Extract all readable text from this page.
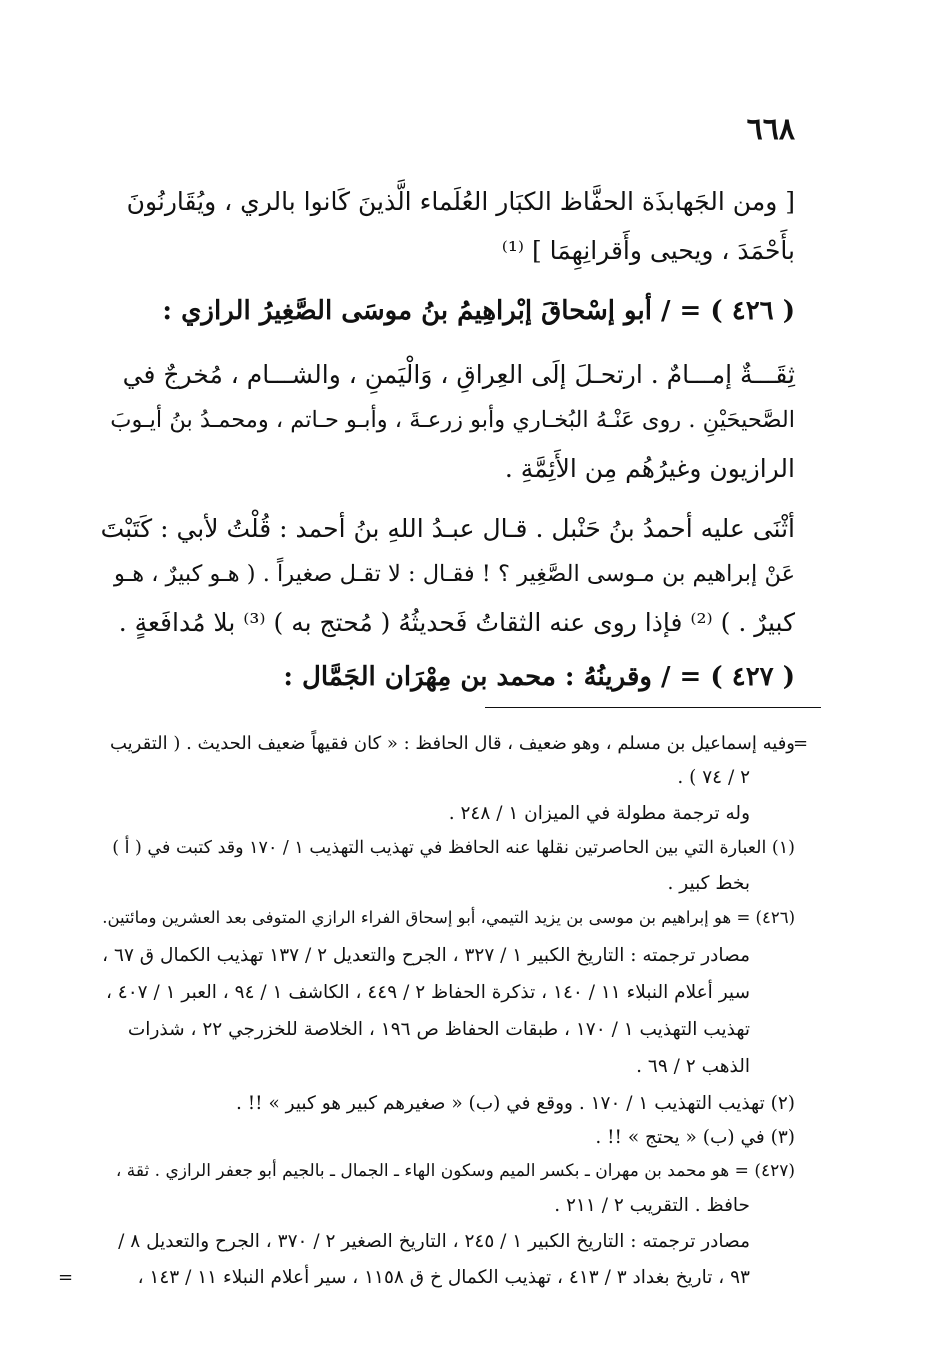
٦٦٨
[ ومن الجَهابذَة الحفَّاظ الكبَار العُلَماء الَّذينَ كَانوا بالري ، ويُقَارنُونَ
بأَحْمَدَ ، ويحيى وأَقرانِهِمَا ] ⁽¹⁾
( ٤٢٦ ) = / أبو إسْحاقَ إبْراهِيمُ بنُ موسَى الصَّغِيرُ الرازي :
ثِقَـــةٌ إمـــامٌ . ارتحـلَ إلَى العِراقِ ، وَالْيَمنِ ، والشـــام ، مُخرجٌ في
الصَّحيحَيْنِ . روى عَنْـهُ البُخـاري وأبو زرعـةَ ، وأبـو حـاتم ، ومحمـدُ بنُ أيـوبَ
الرازيون وغيرُهُم مِن الأَئِمَّةِ .
أثْنَى عليه أحمدُ بنُ حَنْبل . قـال عبـدُ اللهِ بنُ أحمد : قُلْتُ لأبي : كَتَبْتَ
عَنْ إبراهيم بن مـوسى الصَّغِير ؟ ! فقـال : لا تقـل صغيراً . ( هـو كبيرٌ ، هـو
كبيرٌ . ) ⁽²⁾ فإذا روى عنه الثقاتُ فَحديثُهُ ( مُحتج به ) ⁽³⁾ بلا مُدافَعةٍ .
( ٤٢٧ ) = / وقرينُهُ : محمد بن مِهْرَان الجَمَّال :
=
وفيه إسماعيل بن مسلم ، وهو ضعيف ، قال الحافظ : « كان فقيهاً ضعيف الحديث . ( التقريب
٢ / ٧٤ ) .
وله ترجمة مطولة في الميزان ١ / ٢٤٨ .
(١) العبارة التي بين الحاصرتين نقلها عنه الحافظ في تهذيب التهذيب ١ / ١٧٠ وقد كتبت في ( أ )
بخط كبير .
(٤٢٦) = هو إبراهيم بن موسى بن يزيد التيمي، أبو إسحاق الفراء الرازي المتوفى بعد العشرين ومائتين.
مصادر ترجمته : التاريخ الكبير ١ / ٣٢٧ ، الجرح والتعديل ٢ / ١٣٧ تهذيب الكمال ق ٦٧ ،
سير أعلام النبلاء ١١ / ١٤٠ ، تذكرة الحفاظ ٢ / ٤٤٩ ، الكاشف ١ / ٩٤ ، العبر ١ / ٤٠٧ ،
تهذيب التهذيب ١ / ١٧٠ ، طبقات الحفاظ ص ١٩٦ ، الخلاصة للخزرجي ٢٢ ، شذرات
الذهب ٢ / ٦٩ .
(٢) تهذيب التهذيب ١ / ١٧٠ . ووقع في (ب) « صغيرهم كبير هو كبير » !! .
(٣) في (ب) « يحتج » !! .
(٤٢٧) = هو محمد بن مهران ـ بكسر الميم وسكون الهاء ـ الجمال ـ بالجيم أبو جعفر الرازي . ثقة ،
حافظ . التقريب ٢ / ٢١١ .
مصادر ترجمته : التاريخ الكبير ١ / ٢٤٥ ، التاريخ الصغير ٢ / ٣٧٠ ، الجرح والتعديل ٨ /
٩٣ ، تاريخ بغداد ٣ / ٤١٣ ، تهذيب الكمال خ ق ١١٥٨ ، سير أعلام النبلاء ١١ / ١٤٣ ،
=
